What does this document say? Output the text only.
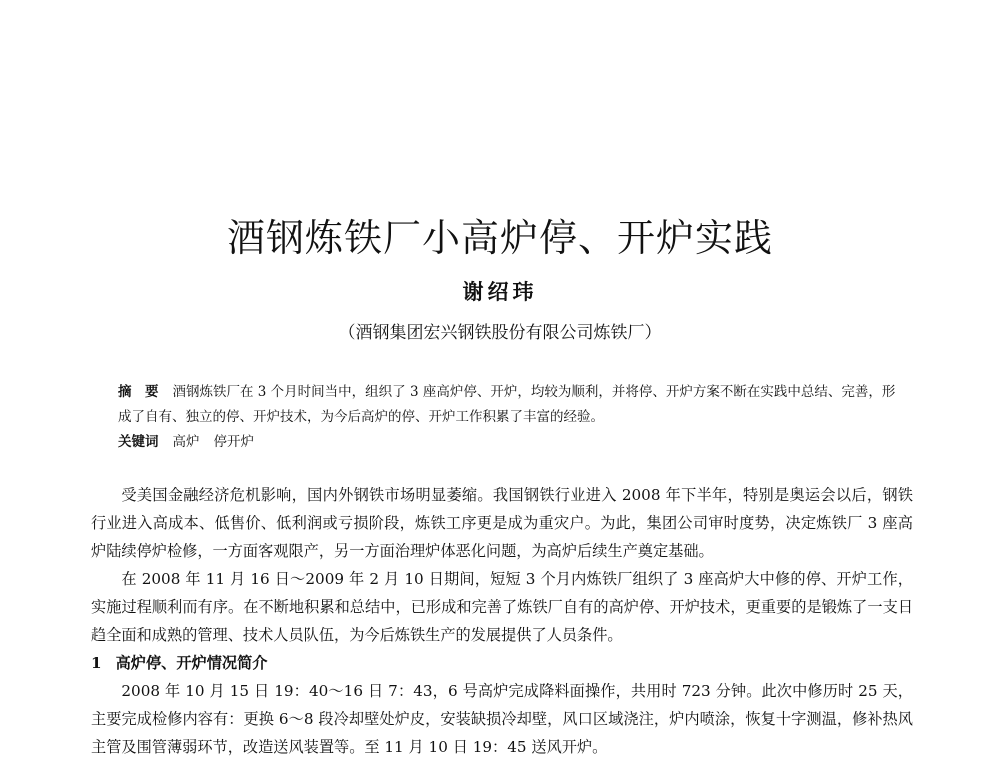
酒钢炼铁厂小高炉停、开炉实践
谢绍玮
（酒钢集团宏兴钢铁股份有限公司炼铁厂）

摘　要 酒钢炼铁厂在 3 个月时间当中，组织了 3 座高炉停、开炉，均较为顺利，并将停、开炉方案不断在实践中总结、完善，形成了自有、独立的停、开炉技术，为今后高炉的停、开炉工作积累了丰富的经验。

关键词 高炉 停开炉

受美国金融经济危机影响，国内外钢铁市场明显萎缩。我国钢铁行业进入 2008 年下半年，特别是奥运会以后，钢铁行业进入高成本、低售价、低利润或亏损阶段，炼铁工序更是成为重灾户。为此，集团公司审时度势，决定炼铁厂 3 座高炉陆续停炉检修，一方面客观限产，另一方面治理炉体恶化问题，为高炉后续生产奠定基础。

在 2008 年 11 月 16 日～2009 年 2 月 10 日期间，短短 3 个月内炼铁厂组织了 3 座高炉大中修的停、开炉工作，实施过程顺利而有序。在不断地积累和总结中，已形成和完善了炼铁厂自有的高炉停、开炉技术，更重要的是锻炼了一支日趋全面和成熟的管理、技术人员队伍，为今后炼铁生产的发展提供了人员条件。

1 高炉停、开炉情况简介

2008 年 10 月 15 日 19：40～16 日 7：43，6 号高炉完成降料面操作，共用时 723 分钟。此次中修历时 25 天，主要完成检修内容有：更换 6～8 段冷却壁处炉皮，安装缺损冷却壁，风口区域浇注，炉内喷涂，恢复十字测温，修补热风主管及围管薄弱环节，改造送风装置等。至 11 月 10 日 19：45 送风开炉。
